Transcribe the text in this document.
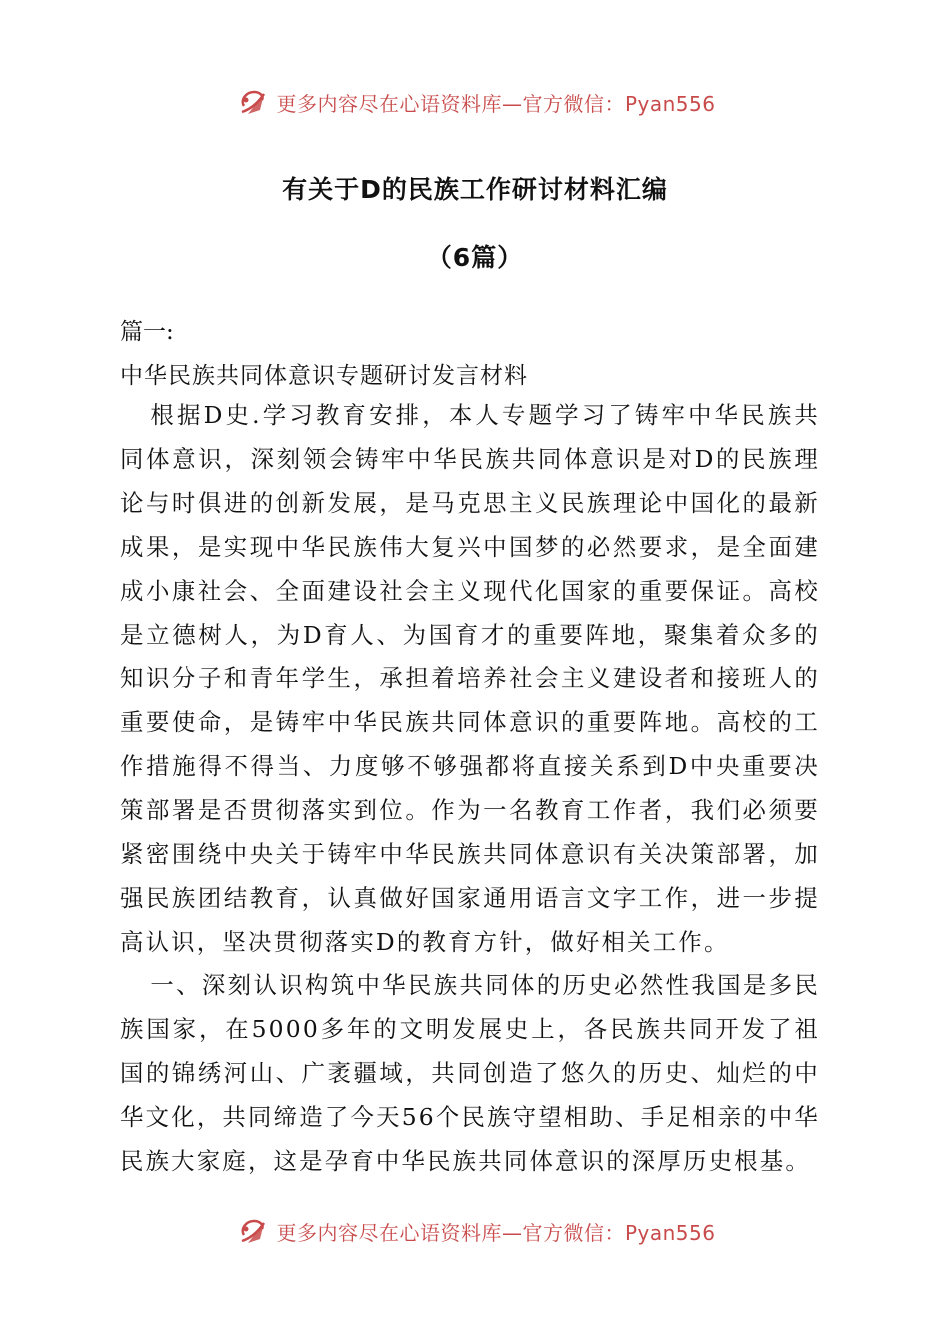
更多内容尽在心语资料库—官方微信：Pyan556
有关于D的民族工作研讨材料汇编
（6篇）

篇一:

中华民族共同体意识专题研讨发言材料

根据D史.学习教育安排，本人专题学习了铸牢中华民族共同体意识，深刻领会铸牢中华民族共同体意识是对D的民族理论与时俱进的创新发展，是马克思主义民族理论中国化的最新成果，是实现中华民族伟大复兴中国梦的必然要求，是全面建成小康社会、全面建设社会主义现代化国家的重要保证。高校是立德树人，为D育人、为国育才的重要阵地，聚集着众多的知识分子和青年学生，承担着培养社会主义建设者和接班人的重要使命，是铸牢中华民族共同体意识的重要阵地。高校的工作措施得不得当、力度够不够强都将直接关系到D中央重要决策部署是否贯彻落实到位。作为一名教育工作者，我们必须要紧密围绕中央关于铸牢中华民族共同体意识有关决策部署，加强民族团结教育，认真做好国家通用语言文字工作，进一步提高认识，坚决贯彻落实D的教育方针，做好相关工作。

一、深刻认识构筑中华民族共同体的历史必然性我国是多民族国家，在5000多年的文明发展史上，各民族共同开发了祖国的锦绣河山、广袤疆域，共同创造了悠久的历史、灿烂的中华文化，共同缔造了今天56个民族守望相助、手足相亲的中华民族大家庭，这是孕育中华民族共同体意识的深厚历史根基。

更多内容尽在心语资料库—官方微信：Pyan556
